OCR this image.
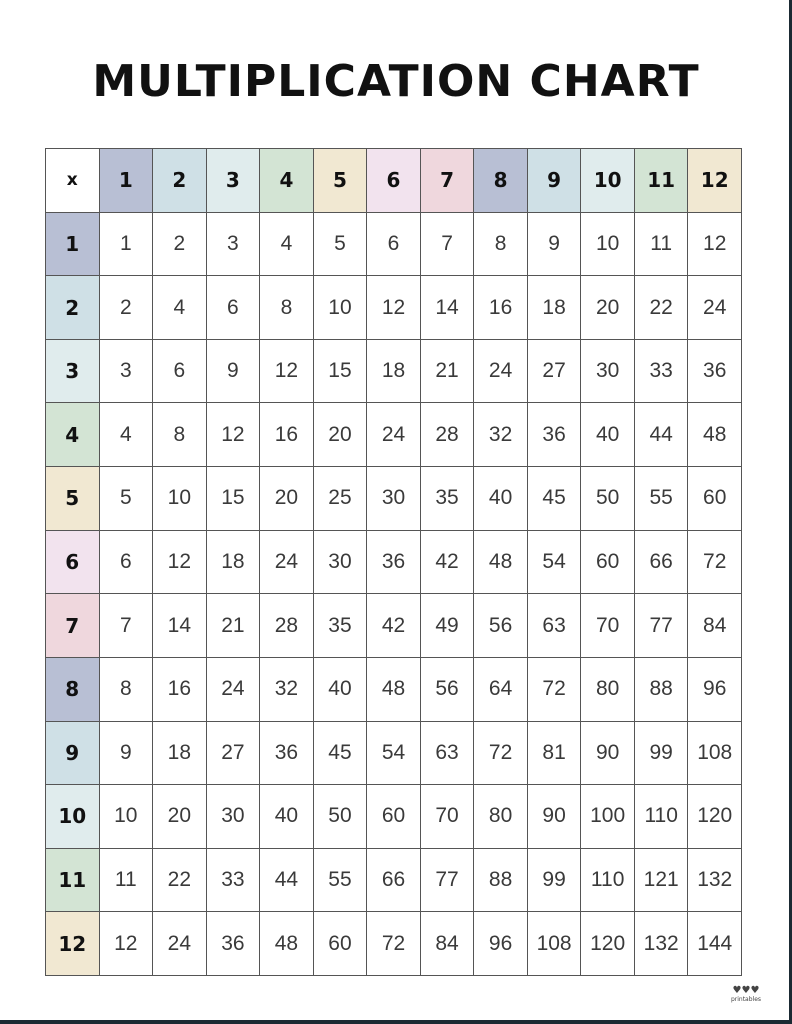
MULTIPLICATION CHART
x	1	2	3	4	5	6	7	8	9	10	11	12
1	1	2	3	4	5	6	7	8	9	10	11	12
2	2	4	6	8	10	12	14	16	18	20	22	24
3	3	6	9	12	15	18	21	24	27	30	33	36
4	4	8	12	16	20	24	28	32	36	40	44	48
5	5	10	15	20	25	30	35	40	45	50	55	60
6	6	12	18	24	30	36	42	48	54	60	66	72
7	7	14	21	28	35	42	49	56	63	70	77	84
8	8	16	24	32	40	48	56	64	72	80	88	96
9	9	18	27	36	45	54	63	72	81	90	99	108
10	10	20	30	40	50	60	70	80	90	100 110 120
11	11	22	33	44	55	66	77	88	99	110 121 132
12	12	24	36	48	60	72	84	96	108 120 132 144
♥♥♥
printables
